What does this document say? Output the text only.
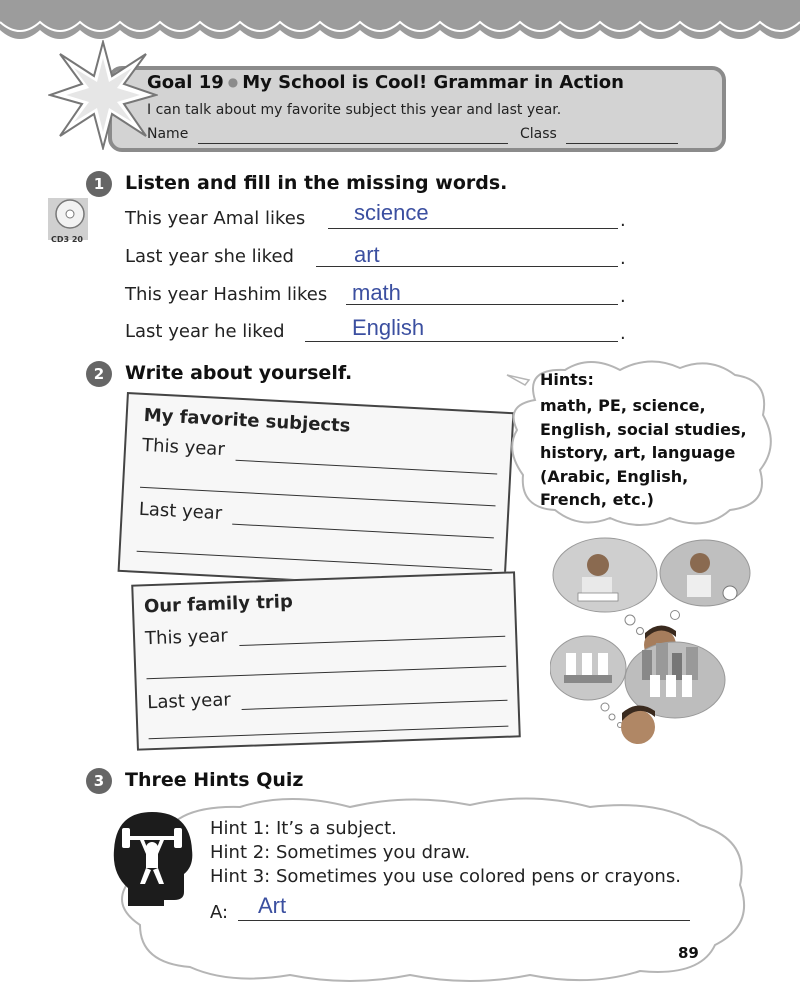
Goal 19 ● My School is Cool! Grammar in Action
I can talk about my favorite subject this year and last year.
Name	Class
1	Listen and fill in the missing words.
CD3 20
This year Amal likes science	.
Last year she liked	art	.
This year Hashim likes math	.
Last year he liked	English	.
2	Write about yourself.
My favorite subjects
This year
Last year
Our family trip
This year
Last year
Hints:
math, PE, science,
English, social studies,
history, art, language
(Arabic, English,
French, etc.)
3	Three Hints Quiz
Hint 1: It’s a subject.
Hint 2: Sometimes you draw.
Hint 3: Sometimes you use colored pens or crayons.
A: Art
89
